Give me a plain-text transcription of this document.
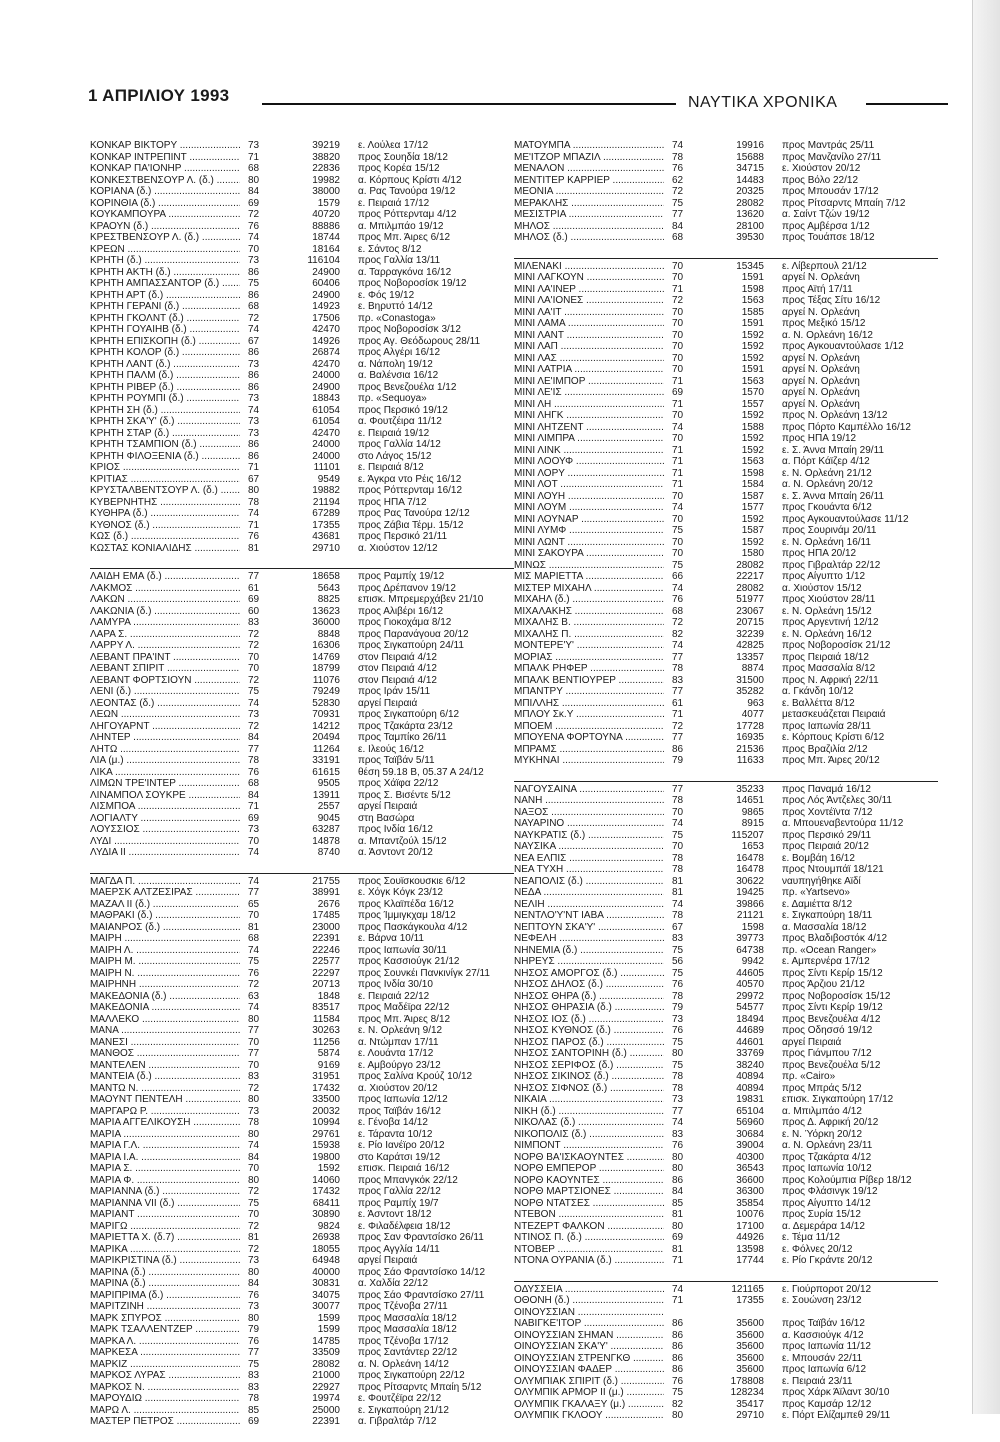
1 ΑΠΡΙΛΙΟΥ 1993	ΝΑΥΤΙΚΑ ΧΡΟΝΙΚΑ
ΚΟΝΚΑΡ ΒΙΚΤΟΡΥ .....	73	39219 ε. Λούλεα 17/12
ΚΟΝΚΑΡ ΙΝΤΡΕΠΙΝΤ .....	71	38820 προς Σουηδία 18/12
ΚΟΝΚΑΡ ΠΑ'ΙΟΝΗΡ .....	68	22836 προς Κορέα 15/12
ΚΟΝΚΕΣΤΒΕΝΣΟΥΡ Λ. (δ.) .....	80	19982 α. Κόρπους Κρίστι 4/12
ΚΟΡΙΑΝΑ (δ.) .....	84	38000 α. Ρας Τανούρα 19/12
ΚΟΡΙΝΘΙΑ (δ.) .....	69	1579 ε. Πειραιά 17/12
ΚΟΥΚΑΜΠΟΥΡΑ .....	72	40720 προς Ρόττερνταμ 4/12
ΚΡΑΟΥΝ (δ.) .....	76	88886 α. Μπιλμπάο 19/12
ΚΡΕΣΤΒΕΝΣΟΥΡ Λ. (δ.) .....	74	18744 προς Μπ. Άιρες 6/12
ΚΡΕΩΝ .....	70	18164 ε. Σάντος 8/12
ΚΡΗΤΗ (δ.) .....	73	116104 προς Γαλλία 13/11
ΚΡΗΤΗ ΑΚΤΗ (δ.) .....	86	24900 α. Ταρραγκόνα 16/12
ΚΡΗΤΗ ΑΜΠΑΣΣΑΝΤΟΡ (δ.) .....	75	60406 προς Νοβοροσίσκ 19/12
ΚΡΗΤΗ ΑΡΤ (δ.) .....	86	24900 ε. Φός 19/12
ΚΡΗΤΗ ΓΕΡΑΝΙ (δ.) .....	68	14923 ε. Βηρυττό 14/12
ΚΡΗΤΗ ΓΚΟΛΝΤ (δ.) .....	72	17506 πρ. «Conastoga»
ΚΡΗΤΗ ΓΟΥΑΙΗΒ (δ.) .....	74	42470 προς Νοβοροσίσκ 3/12
ΚΡΗΤΗ ΕΠΙΣΚΟΠΗ (δ.) .....	67	14926 προς Αγ. Θεόδωρους 28/11
ΚΡΗΤΗ ΚΟΛΟΡ (δ.) .....	86	26874 προς Αλγέρι 16/12
ΚΡΗΤΗ ΛΑΝΤ (δ.) .....	73	42470 α. Νάπολη 19/12
ΚΡΗΤΗ ΠΑΛΜ (δ.) .....	86	24000 α. Βαλένσια 16/12
ΚΡΗΤΗ ΡΙΒΕΡ (δ.) .....	86	24900 προς Βενεζουέλα 1/12
ΚΡΗΤΗ ΡΟΥΜΠΙ (δ.) .....	73	18843 πρ. «Sequoya»
ΚΡΗΤΗ ΣΗ (δ.) .....	74	61054 προς Περσικό 19/12
ΚΡΗΤΗ ΣΚΑ'Υ' (δ.) .....	73	61054 α. Φουτζέιρα 11/12
ΚΡΗΤΗ ΣΤΑΡ (δ.) .....	73	42470 ε. Πειραιά 19/12
ΚΡΗΤΗ ΤΣΑΜΠΙΟΝ (δ.) .....	86	24000 προς Γαλλία 14/12
ΚΡΗΤΗ ΦΙΛΟΞΕΝΙΑ (δ.) .....	86	24000 στο Λάγος 15/12
ΚΡΙΟΣ .....	71	11101 ε. Πειραιά 8/12
ΚΡΙΤΙΑΣ .....	67	9549 ε. Άγκρα ντο Ρέις 16/12
ΚΡΥΣΤΑΛΒΕΝΤΣΟΥΡ Λ. (δ.) .....	80	19882 προς Ρόττερνταμ 16/12
ΚΥΒΕΡΝΗΤΗΣ .....	78	21194 προς ΗΠΑ 7/12
ΚΥΘΗΡΑ (δ.) .....	74	67289 προς Ρας Τανούρα 12/12
ΚΥΘΝΟΣ (δ.) .....	71	17355 προς Ζάβια Τέρμ. 15/12
ΚΩΣ (δ.) .....	76	43681 προς Περσικό 21/11
ΚΩΣΤΑΣ ΚΟΝΙΑΛΙΔΗΣ .....	81	29710 α. Χιούστον 12/12
ΛΑΙΔΗ ΕΜΑ (δ.) .....	77	18658 προς Ραμπίχ 19/12
ΛΑΚΜΟΣ .....	61	5643 προς Δρέπανον 19/12
ΛΑΚΩΝ .....	69	8825 επισκ. Μπρεμερχάβεν 21/10
ΛΑΚΩΝΙΑ (δ.) .....	60	13623 προς Αλιβέρι 16/12
ΛΑΜΥΡΑ .....	83	36000 προς Γιοκοχάμα 8/12
ΛΑΡΑ Σ. .....	72	8848 προς Παρανάγουα 20/12
ΛΑΡΡΥ Λ. .....	72	16306 προς Σιγκαπούρη 24/11
ΛΕΒΑΝΤ ΠΡΑ'ΙΝΤ .....	70	14769 στον Πειραιά 4/12
ΛΕΒΑΝΤ ΣΠΙΡΙΤ .....	70	18799 στον Πειραιά 4/12
ΛΕΒΑΝΤ ΦΟΡΤΣΙΟΥΝ .....	72	11076 στον Πειραιά 4/12
ΛΕΝΙ (δ.) .....	75	79249 προς Ιράν 15/11
ΛΕΟΝΤΑΣ (δ.) .....	74	52830 αργεί Πειραιά
ΛΕΩΝ .....	73	70931 προς Σιγκαπούρη 6/12
ΛΗΓΟΥΑΡΝΤ .....	72	14212 προς Τζακάρτα 23/12
ΛΗΝΤΕΡ .....	84	20494 προς Ταμπίκο 26/11
ΛΗΤΩ .....	77	11264 ε. Ιλεούς 16/12
ΛΙΑ (μ.) .....	78	33191 προς Ταϊβάν 5/11
ΛΙΚΑ .....	76	61615 θέση 59.18 Β, 05.37 Α 24/12
ΛΙΜΩΝ ΤΡΕ'ΙΝΤΕΡ .....	68	9505 προς Χάϊφα 22/12
ΛΙΝΑΜΠΟΛ ΣΟΥΚΡΕ .....	84	13911 προς Σ. Βισέντε 5/12
ΛΙΣΜΠΟΑ .....	71	2557 αργεί Πειραιά
ΛΟΓΙΑΛΤΥ .....	69	9045 στη Βασώρα
ΛΟΥΣΣΙΟΣ .....	73	63287 προς Ινδία 16/12
ΛΥΔΙ .....	70	14878 α. Μπαντζούλ 15/12
ΛΥΔΙΑ ΙΙ .....	74	8740 α. Άσντοντ 20/12
ΜΑΓΔΑ Π. .....	74	21755 προς Σουϊσκουσκιε 6/12
ΜΑΕΡΣΚ ΑΛΤΖΕΣΙΡΑΣ .....	77	38991 ε. Χόγκ Κόγκ 23/12
ΜΑΖΑΛ ΙΙ (δ.) .....	65	2676 προς Κλαϊπέδα 16/12
ΜΑΘΡΑΚΙ (δ.) .....	70	17485 προς Ίμμιγκχαμ 18/12
ΜΑΙΑΝΡΟΣ (δ.) .....	81	23000 προς Πασκάγκουλα 4/12
ΜΑΙΡΗ .....	68	22391 ε. Βάρνα 10/11
ΜΑΙΡΗ Λ. .....	74	22246 προς Ιαπωνία 30/11
ΜΑΙΡΗ Μ. .....	75	22577 προς Κασσιούγκ 21/12
ΜΑΙΡΗ Ν. .....	76	22297 προς Σουνκέι Πανκινίγκ 27/11
ΜΑΙΡΗΝΗ .....	72	20713 προς Ινδία 30/10
ΜΑΚΕΔΟΝΙΑ (δ.) .....	63	1848 ε. Πειραιά 22/12
ΜΑΚΕΔΟΝΙΑ .....	74	83517 προς Μαδέϊρα 22/12
ΜΑΛΛΕΚΟ .....	80	11584 προς Μπ. Άιρες 8/12
ΜΑΝΑ .....	77	30263 ε. Ν. Ορλεάνη 9/12
ΜΑΝΕΣΙ .....	70	11256 α. Ντώμπαν 17/11
ΜΑΝΘΟΣ .....	77	5874 ε. Λουάντα 17/12
ΜΑΝΤΕΛΕΝ .....	70	9169 ε. Αμβούργο 23/12
ΜΑΝΤΕΙΑ (δ.) .....	83	31951 προς Σαλίνα Κρούζ 10/12
ΜΑΝΤΩ Ν. .....	72	17432 α. Χιούστον 20/12
ΜΑΟΥΝΤ ΠΕΝΤΕΛΗ .....	80	33500 προς Ιαπωνία 12/12
ΜΑΡΓΑΡΩ Ρ. .....	73	20032 προς Ταϊβάν 16/12
ΜΑΡΙΑ ΑΓΓΕΛΙΚΟΥΣΗ .....	78	10994 ε. Γένοβα 14/12
ΜΑΡΙΑ .....	80	29761 ε. Τάραντα 10/12
ΜΑΡΙΑ Γ.Λ. .....	74	15938 ε. Ρίο Ιανέϊρο 20/12
ΜΑΡΙΑ Ι.Α. .....	84	19800 στο Καράτσι 19/12
ΜΑΡΙΑ Σ. .....	70	1592 επισκ. Πειραιά 16/12
ΜΑΡΙΑ Φ. .....	80	14060 προς Μπανγκόκ 22/12
ΜΑΡΙΑΝΝΑ (δ.) .....	72	17432 προς Γαλλία 22/12
ΜΑΡΙΑΝΝΑ VII (δ.) .....	75	68411 προς Ραμπίχ 19/7
ΜΑΡΙΑΝΤ .....	70	30890 ε. Άσντοντ 18/12
ΜΑΡΙΓΩ .....	72	9824 ε. Φιλαδέλφεια 18/12
ΜΑΡΙΕΤΤΑ Χ. (δ.7) .....	81	26938 προς Σαν Φραντσίσκο 26/11
ΜΑΡΙΚΑ .....	72	18055 προς Αγγλία 14/11
ΜΑΡΙΚΡΙΣΤΙΝΑ (δ.) .....	73	64948 αργεί Πειραιά
ΜΑΡΙΝΑ (δ.) .....	80	40000 προς Σάο Φραντσίσκο 14/12
ΜΑΡΙΝΑ (δ.) .....	84	30831 α. Χαλδία 22/12
ΜΑΡΙΠΡΙΜΑ (δ.) .....	76	34075 προς Σάο Φραντσίσκο 27/11
ΜΑΡΙΤΖΙΝΗ .....	73	30077 προς Τζένοβα 27/11
ΜΑΡΚ ΣΠΥΡΟΣ .....	80	1599 προς Μασσαλία 18/12
ΜΑΡΚ ΤΣΑΛΛΕΝΤΖΕΡ .....	79	1599 προς Μασσαλία 18/12
ΜΑΡΚΑ Λ. .....	76	14785 προς Τζένοβα 17/12
ΜΑΡΚΕΣΑ .....	77	33509 προς Σαντάντερ 22/12
ΜΑΡΚΙΖ .....	75	28082 α. Ν. Ορλεάνη 14/12
ΜΑΡΚΟΣ ΛΥΡΑΣ .....	83	21000 προς Σιγκαπούρη 22/12
ΜΑΡΚΟΣ Ν. .....	83	22927 προς Ρίτσαρντς Μπαίη 5/12
ΜΑΡΟΥΔΙΩ .....	78	19974 ε. Φουτζέϊρα 22/12
ΜΑΡΩ Λ. .....	85	25000 ε. Σιγκαπούρη 21/12
ΜΑΣΤΕΡ ΠΕΤΡΟΣ .....	69	22391 α. Γιβραλτάρ 7/12
ΜΑΤΟΥΜΠΑ .....	74	19916 προς Μαντράς 25/11
ΜΕ'ΙΤΖΟΡ ΜΠΑΖΙΛ .....	78	15688 προς Μανζανίλο 27/11
ΜΕΝΑΛΟΝ .....	76	34715 ε. Χιούστον 20/12
ΜΕΝΤΙΤΕΡ ΚΑΡΡΙΕΡ .....	62	14483 προς Βόλο 22/12
ΜΕΟΝΙΑ .....	72	20325 προς Μπουσάν 17/12
ΜΕΡΑΚΛΗΣ .....	75	28082 προς Ρίτσαρντς Μπαίη 7/12
ΜΕΣΙΣΤΡΙΑ .....	77	13620 α. Σαίντ Τζών 19/12
ΜΗΛΟΣ .....	84	28100 προς Αμβέρσα 1/12
ΜΗΛΟΣ (δ.) .....	68	39530 προς Τουάπσε 18/12
ΜΙΛΕΝΑΚΙ .....	70	15345 ε. Λίβερπουλ 21/12
ΜΙΝΙ ΛΑΓΚΟΥΝ .....	70	1591 αργεί Ν. Ορλεάνη
ΜΙΝΙ ΛΑ'ΙΝΕΡ .....	71	1598 προς Αϊτή 17/11
ΜΙΝΙ ΛΑ'ΙΟΝΕΣ .....	72	1563 προς Τέξας Σίτυ 16/12
ΜΙΝΙ ΛΑ'ΙΤ .....	70	1585 αργεί Ν. Ορλεάνη
ΜΙΝΙ ΛΑΜΑ .....	70	1591 προς Μεξικό 15/12
ΜΙΝΙ ΛΑΝΤ .....	70	1592 α. Ν. Ορλεάνη 16/12
ΜΙΝΙ ΛΑΠ .....	70	1592 προς Αγκουαντούλασε 1/12
ΜΙΝΙ ΛΑΣ .....	70	1592 αργεί Ν. Ορλεάνη
ΜΙΝΙ ΛΑΤΡΙΑ .....	70	1591 αργεί Ν. Ορλεάνη
ΜΙΝΙ ΛΕ'ΙΜΠΟΡ .....	71	1563 αργεί Ν. Ορλεάνη
ΜΙΝΙ ΛΕ'ΙΣ .....	69	1570 αργεί Ν. Ορλεάνη
ΜΙΝΙ ΛΗ .....	71	1557 αργεί Ν. Ορλεάνη
ΜΙΝΙ ΛΗΓΚ .....	70	1592 προς Ν. Ορλεάνη 13/12
ΜΙΝΙ ΛΗΤΖΕΝΤ .....	74	1588 προς Πόρτο Καμπέλλο 16/12
ΜΙΝΙ ΛΙΜΠΡΑ .....	70	1592 προς ΗΠΑ 19/12
ΜΙΝΙ ΛΙΝΚ .....	71	1592 ε. Σ. Άννα Μπαίη 29/11
ΜΙΝΙ ΛΟΟΥΦ .....	71	1563 α. Πόρτ Κάϊζερ 4/12
ΜΙΝΙ ΛΟΡΥ .....	71	1598 ε. Ν. Ορλεάνη 21/12
ΜΙΝΙ ΛΟΤ .....	71	1584 α. Ν. Ορλεάνη 20/12
ΜΙΝΙ ΛΟΥΗ .....	70	1587 ε. Σ. Άννα Μπαίη 26/11
ΜΙΝΙ ΛΟΥΜ .....	74	1577 προς Γκουάντα 6/12
ΜΙΝΙ ΛΟΥΝΑΡ .....	70	1592 προς Αγκουαντούλασε 11/12
ΜΙΝΙ ΛΥΜΦ .....	75	1587 προς Σουρινάμ 20/11
ΜΙΝΙ ΛΩΝΤ .....	70	1592 ε. Ν. Ορλεάνη 16/11
ΜΙΝΙ ΣΑΚΟΥΡΑ .....	70	1580 προς ΗΠΑ 20/12
ΜΙΝΩΣ .....	75	28082 προς Γιβραλτάρ 22/12
ΜΙΣ ΜΑΡΙΕΤΤΑ .....	66	22217 προς Αίγυπτο 1/12
ΜΙΣΤΕΡ ΜΙΧΑΗΛ .....	74	28082 α. Χιούστον 15/12
ΜΙΧΑΗΛ (δ.) .....	76	51977 προς Χιούστον 28/11
ΜΙΧΑΛΑΚΗΣ .....	68	23067 ε. Ν. Ορλεάνη 15/12
ΜΙΧΑΛΗΣ Β. .....	72	20715 προς Αργεντινή 12/12
ΜΙΧΑΛΗΣ Π. .....	82	32239 ε. Ν. Ορλεάνη 16/12
ΜΟΝΤΕΡΕ'Υ' .....	74	42825 προς Νοβοροσίσκ 21/12
ΜΟΡΙΑΣ .....	77	13357 προς Πειραιά 18/12
ΜΠΑΛΚ ΡΗΦΕΡ .....	78	8874 προς Μασσαλία 8/12
ΜΠΑΛΚ ΒΕΝΤΙΟΥΡΕΡ .....	83	31500 προς Ν. Αφρική 22/11
ΜΠΑΝΤΡΥ .....	77	35282 α. Γκάνδη 10/12
ΜΠΙΛΛΗΣ .....	61	963 ε. Βαλλέττα 8/12
ΜΠΛΟΥ Σκ.Υ .....	71	4077 μετασκευάζεται Πειραιά
ΜΠΟΕΜ .....	72	17728 προς Ιαπωνία 28/11
ΜΠΟΥΕΝΑ ΦΟΡΤΟΥΝΑ .....	77	16935 ε. Κόρπους Κρίστι 6/12
ΜΠΡΑΜΣ .....	86	21536 προς Βραζιλία 2/12
ΜΥΚΗΝΑΙ .....	79	11633 προς Μπ. Άιρες 20/12
ΝΑΓΟΥΣΑΙΝΑ .....	77	35233 προς Παναμά 16/12
ΝΑΝΗ .....	78	14651 προς Λός Άντζελες 30/11
ΝΑΞΟΣ .....	70	9865 προς Χοντέϊντα 7/12
ΝΑΥΑΡΙΝΟ .....	74	8915 α. Μπουεναβεντούρα 11/12
ΝΑΥΚΡΑΤΙΣ (δ.) .....	75	115207 προς Περσικό 29/11
ΝΑΥΣΙΚΑ .....	70	1653 προς Πειραιά 20/12
ΝΕΑ ΕΛΠΙΣ .....	78	16478 ε. Βομβάη 16/12
ΝΕΑ ΤΥΧΗ .....	78	16478 προς Ντουμπάϊ 18/121
ΝΕΑΠΟΛΙΣ (δ.) .....	81	30622 ναυπηγήθηκε Αϊδί
ΝΕΔΑ .....	81	19425 πρ. «Yartsevo»
ΝΕΛΙΗ .....	74	39866 ε. Δαμιέττα 8/12
ΝΕΝΤΛΟ'Υ'ΝΤ ΙΑΒΑ .....	78	21121 ε. Σιγκαπούρη 18/11
ΝΕΠΤΟΥΝ ΣΚΑ'Υ' .....	67	1598 α. Μασσαλία 18/12
ΝΕΦΕΛΗ .....	83	39773 προς Βλαδιβοστόκ 4/12
ΝΗΝΕΜΙΑ (δ.) .....	75	64738 πρ. «Ocean Ranger»
ΝΗΡΕΥΣ .....	56	9942 ε. Αμπερνέρα 17/12
ΝΗΣΟΣ ΑΜΟΡΓΟΣ (δ.) .....	75	44605 προς Σίντι Κερίρ 15/12
ΝΗΣΟΣ ΔΗΛΟΣ (δ.) .....	76	40570 προς Άρζιου 21/12
ΝΗΣΟΣ ΘΗΡΑ (δ.) .....	78	29972 προς Νοβοροσίσκ 15/12
ΝΗΣΟΣ ΘΗΡΑΣΙΑ (δ.) .....	79	54577 προς Σίντι Κερίρ 19/12
ΝΗΣΟΣ ΙΟΣ (δ.) .....	73	18494 προς Βενεζουέλα 4/12
ΝΗΣΟΣ ΚΥΘΝΟΣ (δ.) .....	76	44689 προς Οδησσό 19/12
ΝΗΣΟΣ ΠΑΡΟΣ (δ.) .....	75	44601 αργεί Πειραιά
ΝΗΣΟΣ ΣΑΝΤΟΡΙΝΗ (δ.) .....	80	33769 προς Γιάνμπου 7/12
ΝΗΣΟΣ ΣΕΡΙΦΟΣ (δ.) .....	75	38240 προς Βενεζουέλα 5/12
ΝΗΣΟΣ ΣΙΚΙΝΟΣ (δ.) .....	78	40894 πρ. «Cairo»
ΝΗΣΟΣ ΣΙΦΝΟΣ (δ.) .....	78	40894 προς Μπράς 5/12
ΝΙΚΑΙΑ .....	73	19831 επισκ. Σιγκαπούρη 17/12
ΝΙΚΗ (δ.) .....	77	65104 α. Μπιλμπάο 4/12
ΝΙΚΟΛΑΣ (δ.) .....	74	56960 προς Δ. Αφρική 20/12
ΝΙΚΟΠΟΛΙΣ (δ.) .....	83	30684 ε. Ν. Ύόρκη 20/12
ΝΙΜΠΟΝΤ .....	76	39004 α. Ν. Ορλεάνη 23/11
ΝΟΡΘ ΒΑ'ΙΣΚΑΟΥΝΤΕΣ .....	80	40300 προς Τζακάρτα 4/12
ΝΟΡΘ ΕΜΠΕΡΟΡ .....	80	36543 προς Ιαπωνία 10/12
ΝΟΡΘ ΚΑΟΥΝΤΕΣ .....	86	36600 προς Κολούμπια Ρίβερ 18/12
ΝΟΡΘ ΜΑΡΤΣΙΟΝΕΣ .....	84	36300 προς Φλάσινγκ 19/12
ΝΟΡΘ ΝΤΑΤΣΕΣ .....	85	35854 προς Αίγυπτο 14/12
ΝΤΕΒΟΝ .....	81	10076 προς Συρία 15/12
ΝΤΕΖΕΡΤ ΦΑΛΚΟΝ .....	80	17100 α. Δεμεράρα 14/12
ΝΤΙΝΟΣ Π. (δ.) .....	69	44926 ε. Τέμα 11/12
ΝΤΟΒΕΡ .....	81	13598 ε. Φόλνες 20/12
ΝΤΟΝΑ ΟΥΡΑΝΙΑ (δ.) .....	71	17744 ε. Ρίο Γκράντε 20/12
ΟΔΥΣΣΕΙΑ .....	74	121165 ε. Γιούρποροτ 20/12
ΟΘΟΝΗ (δ.) .....	71	17355 ε. Σουώνση 23/12
ΟΙΝΟΥΣΣΙΑΝ .....
ΝΑΒΙΓΚΕ'ΙΤΟΡ .....	86	35600 προς Ταϊβάν 16/12
ΟΙΝΟΥΣΣΙΑΝ ΣΗΜΑΝ .....	86	35600 α. Κασσιούγκ 4/12
ΟΙΝΟΥΣΣΙΑΝ ΣΚΑ'Υ' .....	86	35600 προς Ιαπωνία 11/12
ΟΙΝΟΥΣΣΙΑΝ ΣΤΡΕΝΓΚΘ .....	86	35600 ε. Μπουσάν 22/11
ΟΙΝΟΥΣΣΙΑΝ ΦΑΔΕΡ .....	86	35600 προς Ιαπωνία 6/12
ΟΛΥΜΠΙΑΚ ΣΠΙΡΙΤ (δ.) .....	76	178808 ε. Πειραιά 23/11
ΟΛΥΜΠΙΚ ΑΡΜΟΡ ΙΙ (μ.) .....	75	128234 προς Χάρκ Άϊλαντ 30/10
ΟΛΥΜΠΙΚ ΓΚΑΛΑΞΥ (μ.) .....	82	35417 προς Καμσάρ 12/12
ΟΛΥΜΠΙΚ ΓΚΛΟΟΥ .....	80	29710 ε. Πόρτ Ελίζαμπεθ 29/11
